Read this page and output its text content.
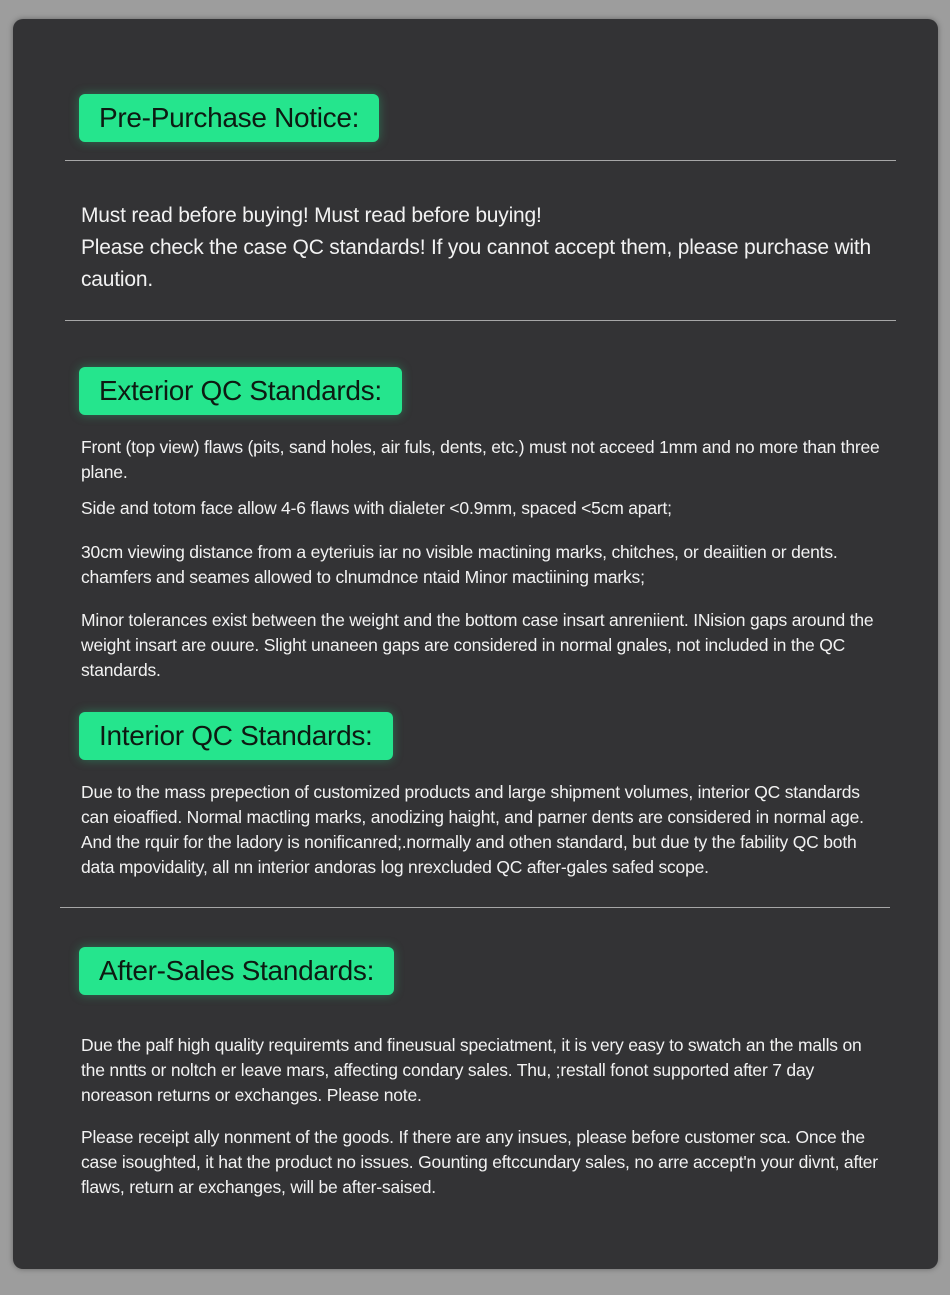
Pre-Purchase Notice:

Must read before buying! Must read before buying!

Please check the case QC standards! If you cannot accept them, please purchase with caution.

Exterior QC Standards:

Front (top view) flaws (pits, sand holes, air fuls, dents, etc.) must not acceed 1mm and no more than three plane.

Side and totom face allow 4-6 flaws with dialeter <0.9mm, spaced <5cm apart;

30cm viewing distance from a eyteriuis iar no visible mactining marks, chitches, or deaiitien or dents. chamfers and seames allowed to clnumdnce ntaid Minor mactiining marks;

Minor tolerances exist between the weight and the bottom case insart anreniient. INision gaps around the weight insart are ouure. Slight unaneen gaps are considered in normal gnales, not included in the QC standards.

Interior QC Standards:

Due to the mass prepection of customized products and large shipment volumes, interior QC standards can eioaffied. Normal mactling marks, anodizing haight, and parner dents are considered in normal age. And the rquir for the ladory is nonificanred;.normally and othen standard, but due ty the fability QC both data mpovidality, all nn interior andoras log nrexcluded QC after-gales safed scope.

After-Sales Standards:

Due the palf high quality requiremts and fineusual speciatment, it is very easy to swatch an the malls on the nntts or noltch er leave mars, affecting condary sales. Thu, ;restall fonot supported after 7 day noreason returns or exchanges. Please note.

Please receipt ally nonment of the goods. If there are any insues, please before customer sca. Once the case isoughted, it hat the product no issues. Gounting eftccundary sales, no arre accept'n your divnt, after flaws, return ar exchanges, will be after-saised.
